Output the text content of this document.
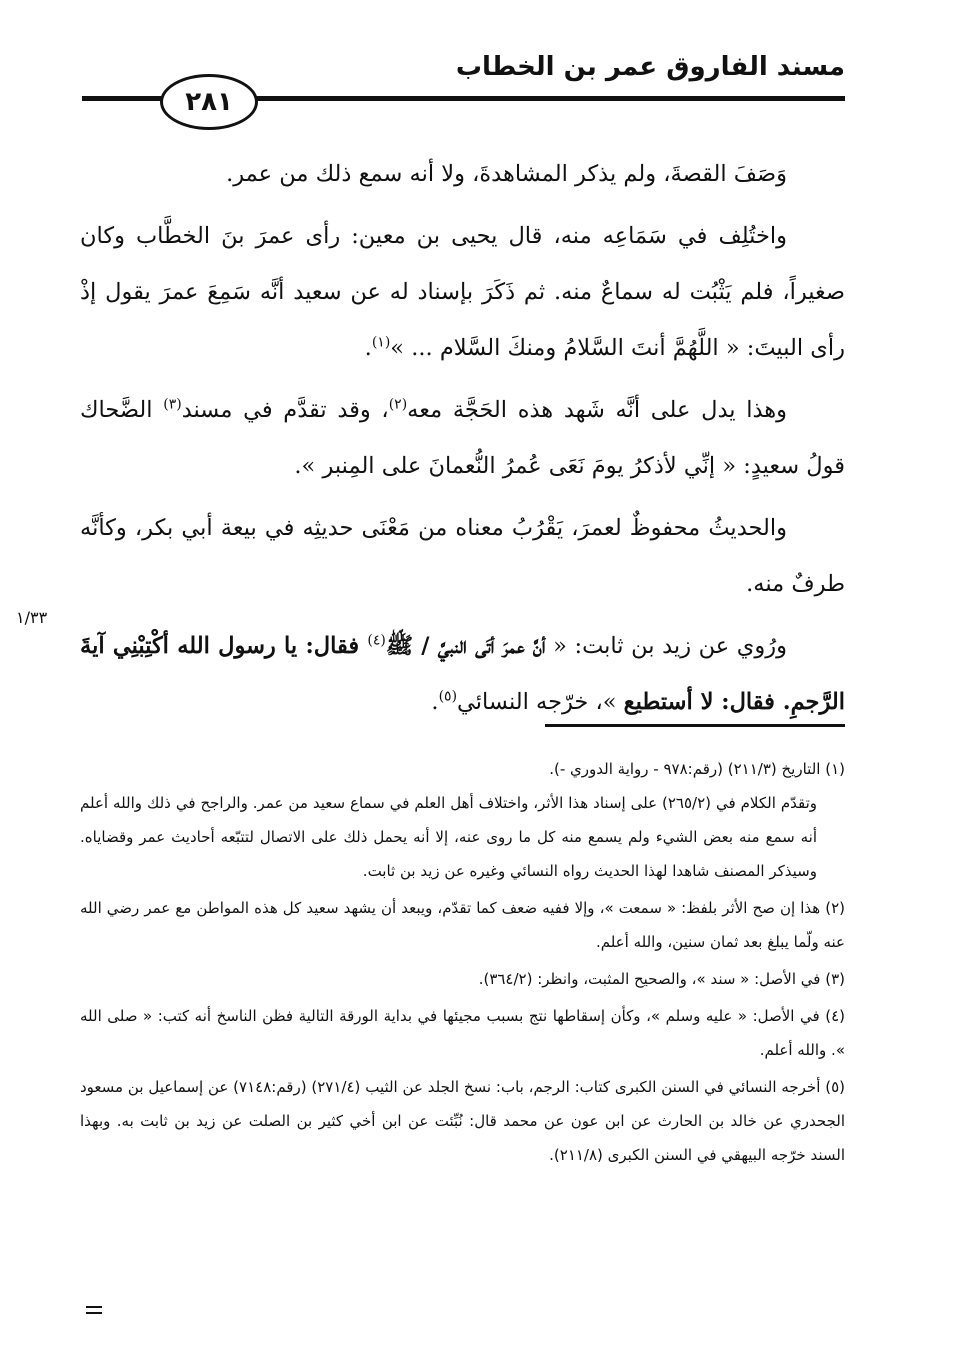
مسند الفاروق عمر بن الخطاب
٢٨١

وَصَفَ القصةَ، ولم يذكر المشاهدةَ، ولا أنه سمع ذلك من عمر.

واختُلِف في سَمَاعِه منه، قال يحيى بن معين: رأى عمرَ بنَ الخطَّاب وكان صغيراً، فلم يَثْبُت له سماعٌ منه. ثم ذَكَرَ بإسناد له عن سعيد أنَّه سَمِعَ عمرَ يقول إذْ رأى البيتَ: « اللَّهُمَّ أنتَ السَّلامُ ومنكَ السَّلام ... »$^{(١)}$.

وهذا يدل على أنَّه شَهد هذه الحَجَّة معه$^{(٢)}$، وقد تقدَّم في مسند$^{(٣)}$ الضَّحاك قولُ سعيدٍ: « إنِّي لأذكرُ يومَ نَعَى عُمرُ النُّعمانَ على المِنبر ».

والحديثُ محفوظٌ لعمرَ، يَقْرُبُ معناه من مَعْنَى حديثِه في بيعة أبي بكر، وكأنَّه طرفٌ منه.

ورُوي عن زيد بن ثابت: « أنَّ عمرَ أتَى النبيَّ / ﷺ$^{(٤)}$ فقال: يا رسول الله أكْتِبْنِي آيةَ الرَّجمِ. فقال: لا أستطيع »، خرّجه النسائي$^{(٥)}$.

١/٣٣

(١) التاريخ (٢١١/٣) (رقم:٩٧٨ - رواية الدوري -).

وتقدّم الكلام في (٢٦٥/٢) على إسناد هذا الأثر، واختلاف أهل العلم في سماع سعيد من عمر. والراجح في ذلك والله أعلم أنه سمع منه بعض الشيء ولم يسمع منه كل ما روى عنه، إلا أنه يحمل ذلك على الاتصال لتتبّعه أحاديث عمر وقضاياه. وسيذكر المصنف شاهدا لهذا الحديث رواه النسائي وغيره عن زيد بن ثابت.

(٢) هذا إن صح الأثر بلفظ: « سمعت »، وإلا ففيه ضعف كما تقدّم، ويبعد أن يشهد سعيد كل هذه المواطن مع عمر رضي الله عنه ولّما يبلغ بعد ثمان سنين، والله أعلم.

(٣) في الأصل: « سند »، والصحيح المثبت، وانظر: (٣٦٤/٢).

(٤) في الأصل: « عليه وسلم »، وكأن إسقاطها نتج بسبب مجيئها في بداية الورقة التالية فظن الناسخ أنه كتب: « صلى الله ». والله أعلم.

(٥) أخرجه النسائي في السنن الكبرى كتاب: الرجم، باب: نسخ الجلد عن الثيب (٢٧١/٤) (رقم:٧١٤٨) عن إسماعيل بن مسعود الجحدري عن خالد بن الحارث عن ابن عون عن محمد قال: نُبِّئت عن ابن أخي كثير بن الصلت عن زيد بن ثابت به. وبهذا السند خرّجه البيهقي في السنن الكبرى (٢١١/٨).
